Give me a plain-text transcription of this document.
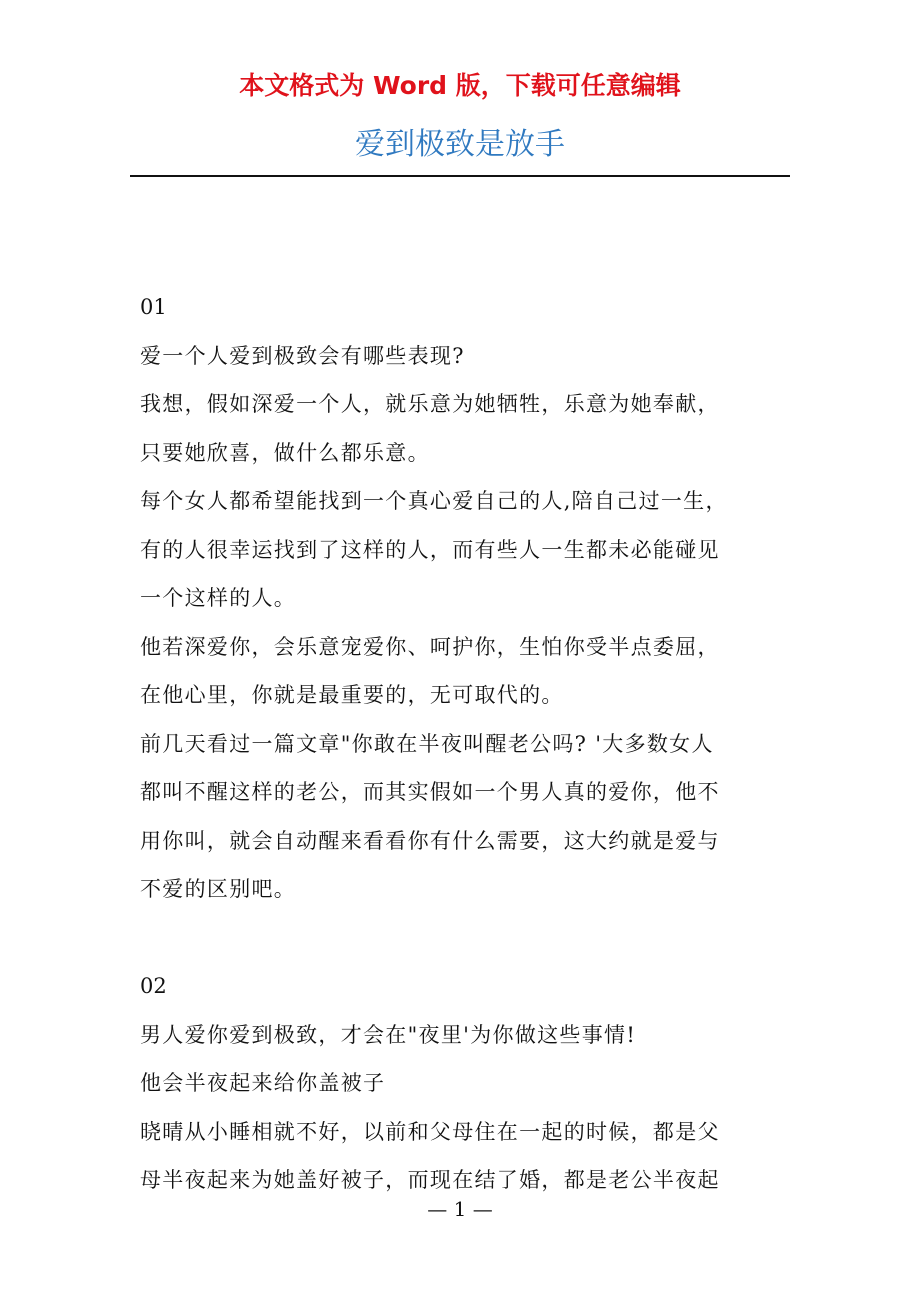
本文格式为 Word 版，下载可任意编辑
爱到极致是放手
01
爱一个人爱到极致会有哪些表现?
我想，假如深爱一个人，就乐意为她牺牲，乐意为她奉献，
只要她欣喜，做什么都乐意。
每个女人都希望能找到一个真心爱自己的人,陪自己过一生，
有的人很幸运找到了这样的人，而有些人一生都未必能碰见
一个这样的人。
他若深爱你，会乐意宠爱你、呵护你，生怕你受半点委屈，
在他心里，你就是最重要的，无可取代的。
前几天看过一篇文章"你敢在半夜叫醒老公吗? '大多数女人
都叫不醒这样的老公，而其实假如一个男人真的爱你，他不
用你叫，就会自动醒来看看你有什么需要，这大约就是爱与
不爱的区别吧。
02
男人爱你爱到极致，才会在"夜里'为你做这些事情!
他会半夜起来给你盖被子
晓晴从小睡相就不好，以前和父母住在一起的时候，都是父
母半夜起来为她盖好被子，而现在结了婚，都是老公半夜起
— 1 —
